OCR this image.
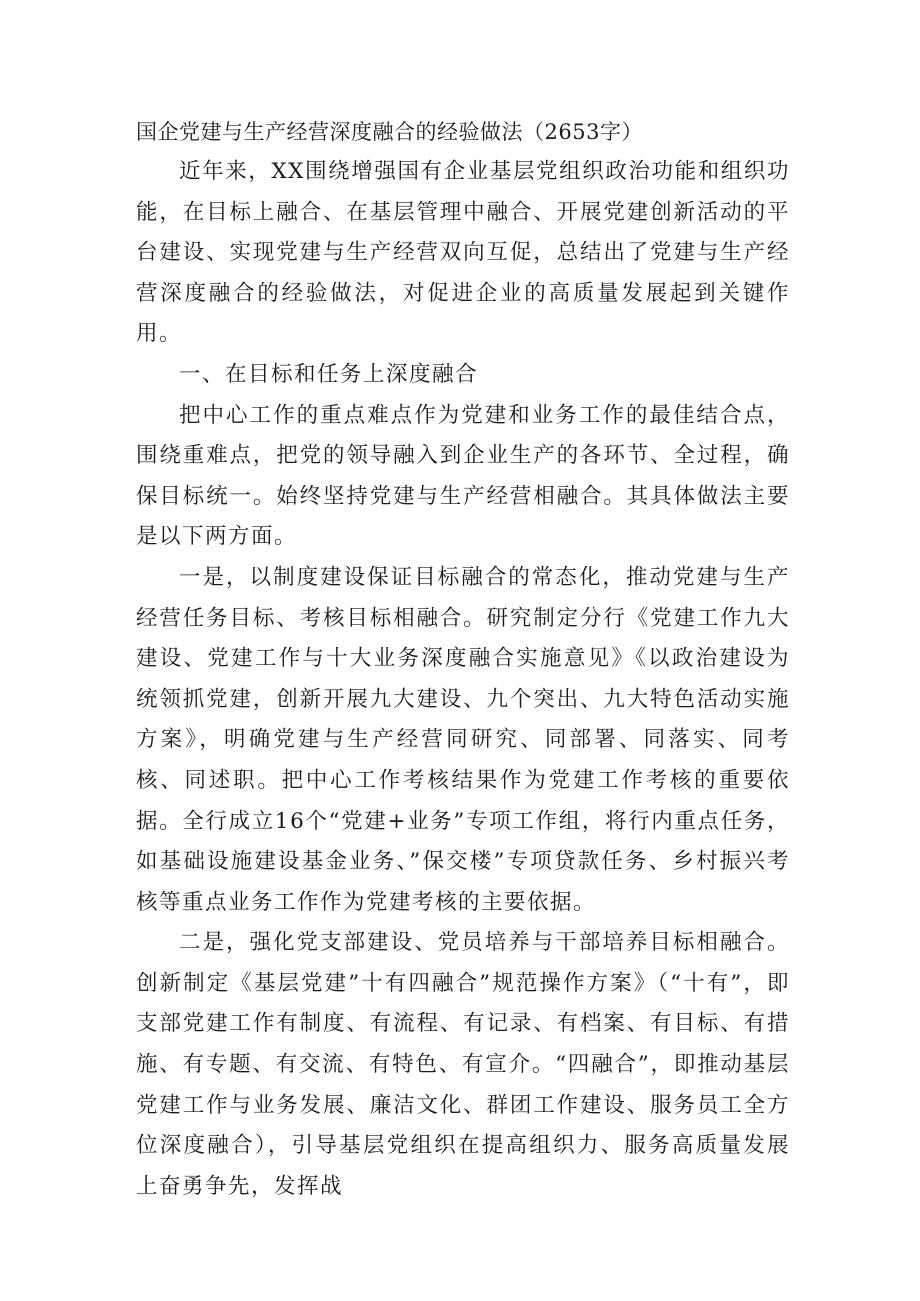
国企党建与生产经营深度融合的经验做法（2653字）

近年来，XX围绕增强国有企业基层党组织政治功能和组织功能，在目标上融合、在基层管理中融合、开展党建创新活动的平台建设、实现党建与生产经营双向互促，总结出了党建与生产经营深度融合的经验做法，对促进企业的高质量发展起到关键作用。

一、在目标和任务上深度融合

把中心工作的重点难点作为党建和业务工作的最佳结合点，围绕重难点，把党的领导融入到企业生产的各环节、全过程，确保目标统一。始终坚持党建与生产经营相融合。其具体做法主要是以下两方面。

一是，以制度建设保证目标融合的常态化，推动党建与生产经营任务目标、考核目标相融合。研究制定分行《党建工作九大建设、党建工作与十大业务深度融合实施意见》《以政治建设为统领抓党建，创新开展九大建设、九个突出、九大特色活动实施方案》，明确党建与生产经营同研究、同部署、同落实、同考核、同述职。把中心工作考核结果作为党建工作考核的重要依据。全行成立16个“党建+业务”专项工作组，将行内重点任务，如基础设施建设基金业务、”保交楼”专项贷款任务、乡村振兴考核等重点业务工作作为党建考核的主要依据。

二是，强化党支部建设、党员培养与干部培养目标相融合。创新制定《基层党建”十有四融合”规范操作方案》（“十有”，即支部党建工作有制度、有流程、有记录、有档案、有目标、有措施、有专题、有交流、有特色、有宣介。“四融合”，即推动基层党建工作与业务发展、廉洁文化、群团工作建设、服务员工全方位深度融合），引导基层党组织在提高组织力、服务高质量发展上奋勇争先，发挥战
